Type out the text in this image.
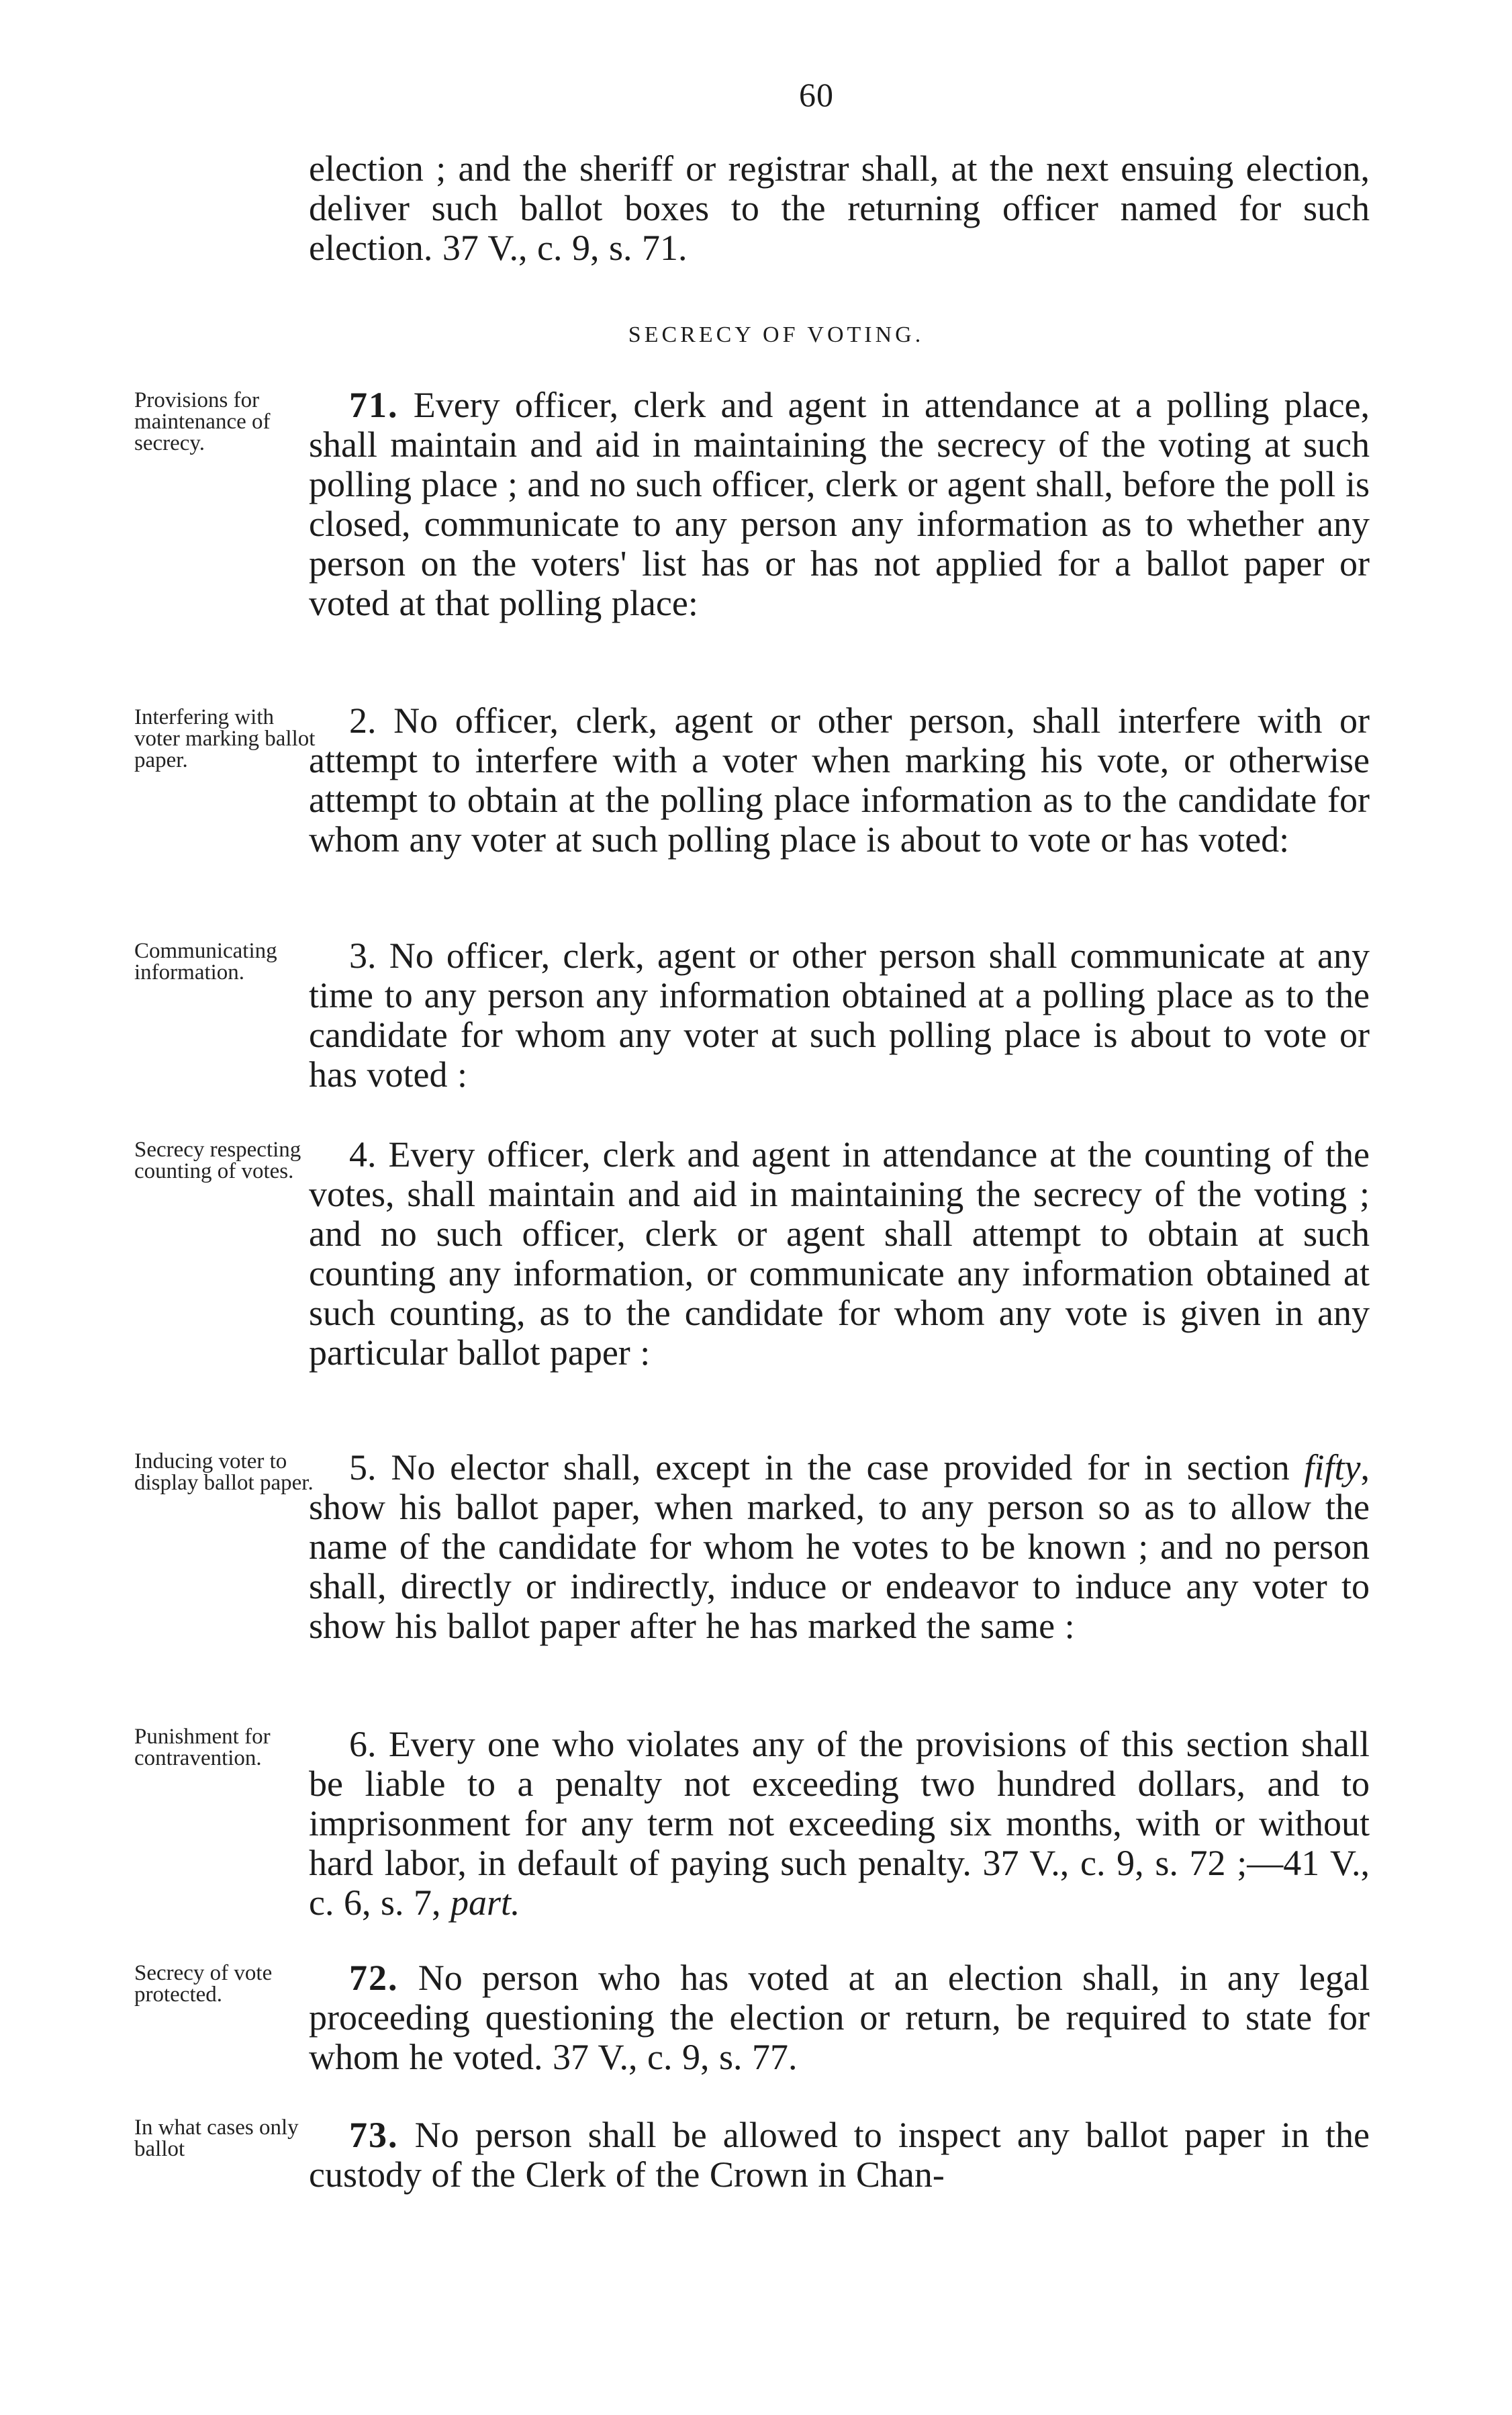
60
election ; and the sheriff or registrar shall, at the next ensuing election, deliver such ballot boxes to the returning officer named for such election. 37 V., c. 9, s. 71.
SECRECY OF VOTING.
Provisions for maintenance of secrecy.
71. Every officer, clerk and agent in attendance at a polling place, shall maintain and aid in maintaining the secrecy of the voting at such polling place ; and no such officer, clerk or agent shall, before the poll is closed, communicate to any person any information as to whether any person on the voters' list has or has not applied for a ballot paper or voted at that polling place:
Interfering with voter marking ballot paper.
2. No officer, clerk, agent or other person, shall interfere with or attempt to interfere with a voter when marking his vote, or otherwise attempt to obtain at the polling place information as to the candidate for whom any voter at such polling place is about to vote or has voted:
Communicating information.	3. No officer, clerk, agent or other person shall communicate at any time to any person any information obtained at a polling place as to the candidate for whom any voter at such polling place is about to vote or has voted :
Secrecy respecting counting of votes.	4. Every officer, clerk and agent in attendance at the counting of the votes, shall maintain and aid in maintaining the secrecy of the voting ; and no such officer, clerk or agent shall attempt to obtain at such counting any information, or communicate any information obtained at such counting, as to the candidate for whom any vote is given in any particular ballot paper :
Inducing voter to display ballot paper. 5. No elector shall, except in the case provided for in section fifty, show his ballot paper, when marked, to any person so as to allow the name of the candidate for whom he votes to be known ; and no person shall, directly or indirectly, induce or endeavor to induce any voter to show his ballot paper after he has marked the same :
Punishment for contravention.	6. Every one who violates any of the provisions of this section shall be liable to a penalty not exceeding two hundred dollars, and to imprisonment for any term not exceeding six months, with or without hard labor, in default of paying such penalty. 37 V., c. 9, s. 72 ;—41 V., c. 6, s. 7, part.
Secrecy of vote protected.	72. No person who has voted at an election shall, in any legal proceeding questioning the election or return, be required to state for whom he voted. 37 V., c. 9, s. 77.
In what cases only ballot	73. No person shall be allowed to inspect any ballot paper in the custody of the Clerk of the Crown in Chan-
